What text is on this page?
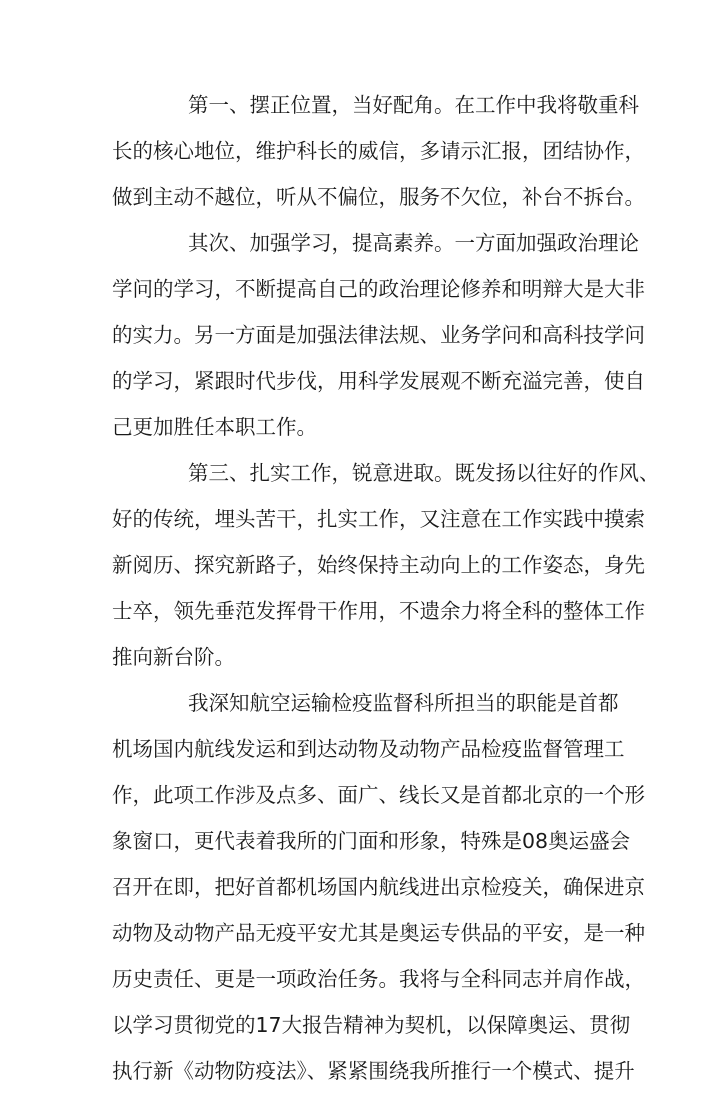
第一、摆正位置，当好配角。在工作中我将敬重科
长的核心地位，维护科长的威信，多请示汇报，团结协作，
做到主动不越位，听从不偏位，服务不欠位，补台不拆台。
其次、加强学习，提高素养。一方面加强政治理论
学问的学习，不断提高自己的政治理论修养和明辩大是大非
的实力。另一方面是加强法律法规、业务学问和高科技学问
的学习，紧跟时代步伐，用科学发展观不断充溢完善，使自
己更加胜任本职工作。
第三、扎实工作，锐意进取。既发扬以往好的作风、
好的传统，埋头苦干，扎实工作，又注意在工作实践中摸索
新阅历、探究新路子，始终保持主动向上的工作姿态，身先
士卒，领先垂范发挥骨干作用，不遗余力将全科的整体工作
推向新台阶。
我深知航空运输检疫监督科所担当的职能是首都
机场国内航线发运和到达动物及动物产品检疫监督管理工
作，此项工作涉及点多、面广、线长又是首都北京的一个形
象窗口，更代表着我所的门面和形象，特殊是08奥运盛会
召开在即，把好首都机场国内航线进出京检疫关，确保进京
动物及动物产品无疫平安尤其是奥运专供品的平安，是一种
历史责任、更是一项政治任务。我将与全科同志并肩作战，
以学习贯彻党的17大报告精神为契机，以保障奥运、贯彻
执行新《动物防疫法》、紧紧围绕我所推行一个模式、提升
